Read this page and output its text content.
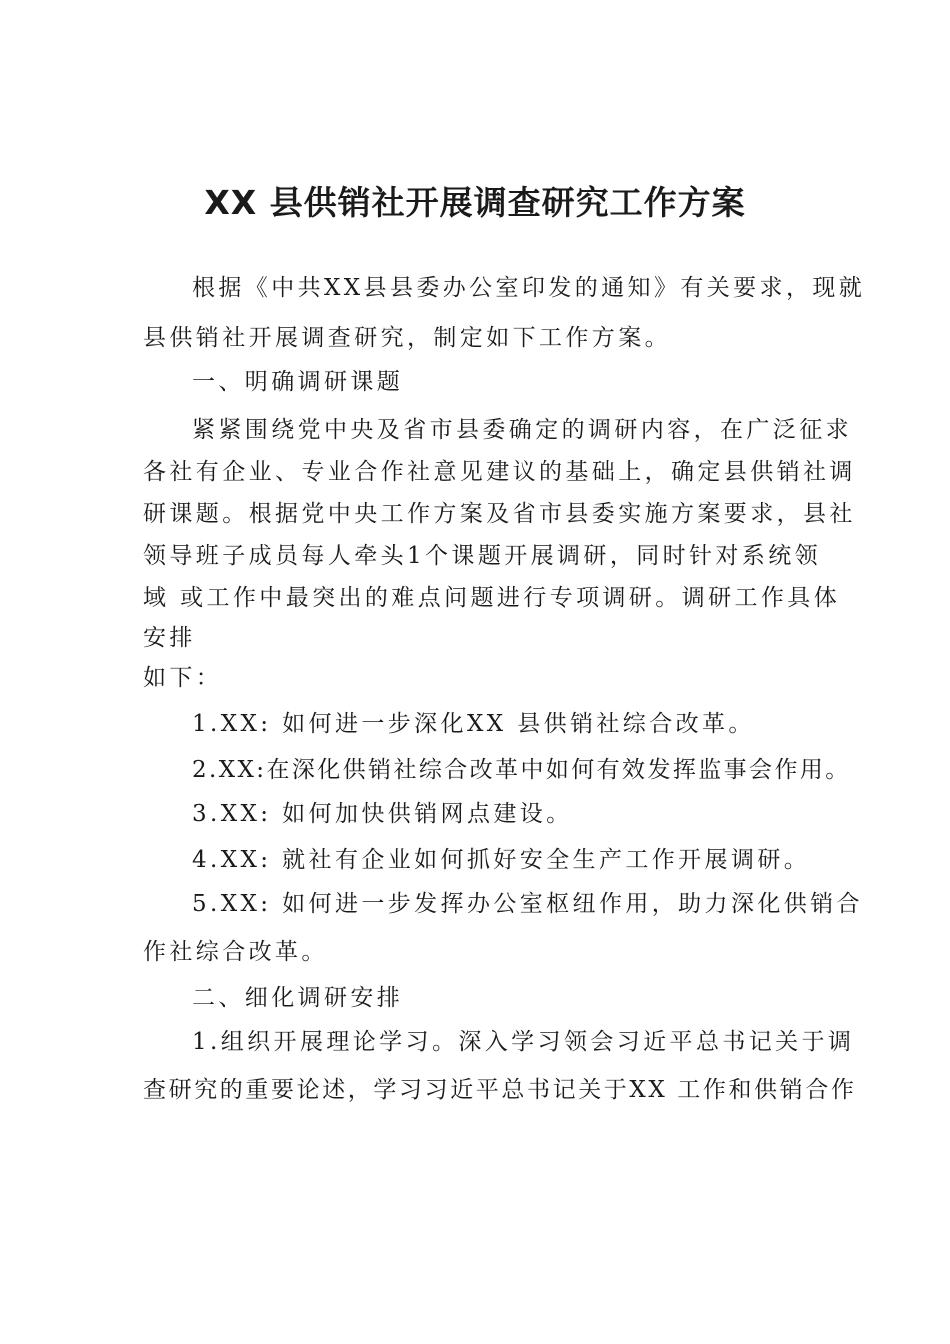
XX 县供销社开展调查研究工作方案
根据《中共XX县县委办公室印发的通知》有关要求，现就
县供销社开展调查研究，制定如下工作方案。
一、明确调研课题
紧紧围绕党中央及省市县委确定的调研内容，在广泛征求
各社有企业、专业合作社意见建议的基础上，确定县供销社调
研课题。根据党中央工作方案及省市县委实施方案要求，县社
领导班子成员每人牵头1个课题开展调研，同时针对系统领
域 或工作中最突出的难点问题进行专项调研。调研工作具体
安排
如下：
1.XX: 如何进一步深化XX 县供销社综合改革。
2.XX:在深化供销社综合改革中如何有效发挥监事会作用。
3.XX: 如何加快供销网点建设。
4.XX: 就社有企业如何抓好安全生产工作开展调研。
5.XX: 如何进一步发挥办公室枢纽作用，助力深化供销合
作社综合改革。
二、细化调研安排
1.组织开展理论学习。深入学习领会习近平总书记关于调
查研究的重要论述，学习习近平总书记关于XX 工作和供销合作
